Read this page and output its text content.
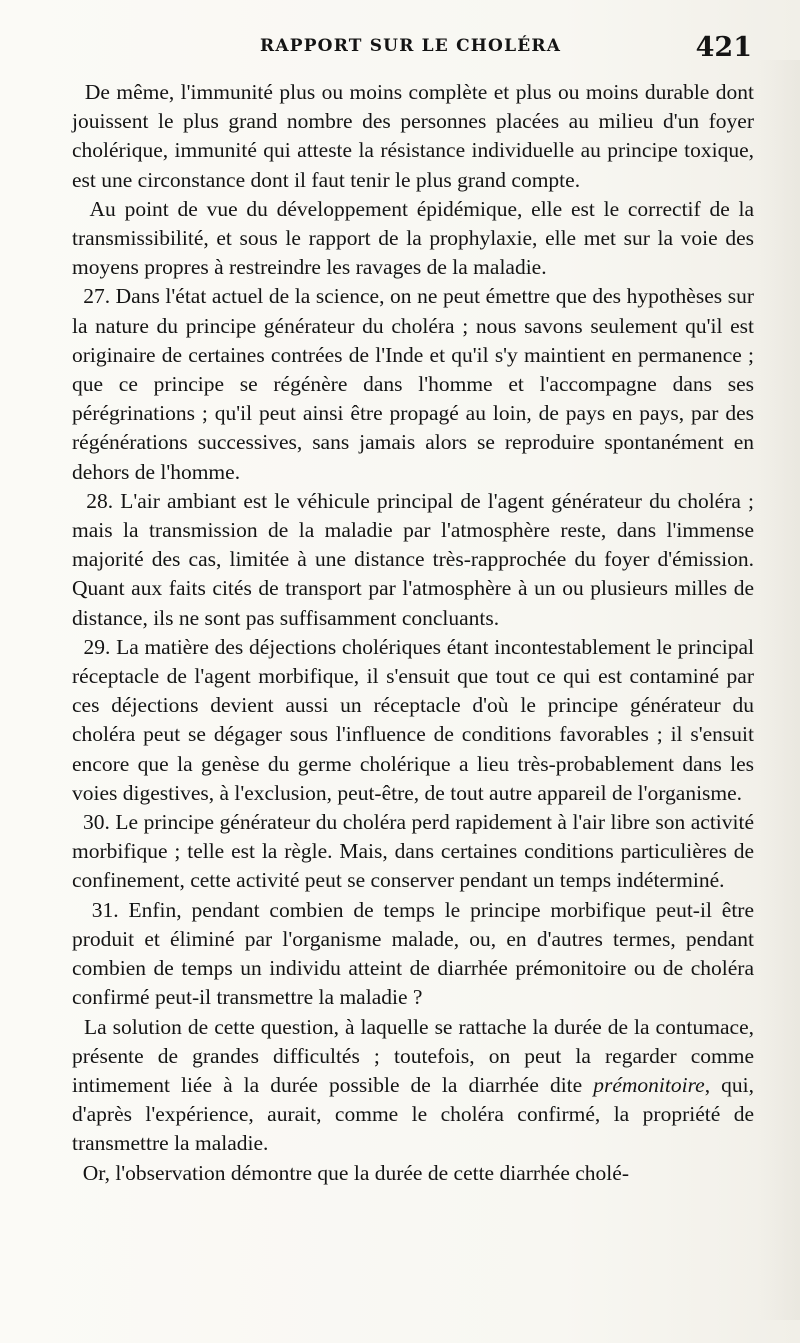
RAPPORT SUR LE CHOLÉRA	421

De même, l'immunité plus ou moins complète et plus ou moins durable dont jouissent le plus grand nombre des personnes placées au milieu d'un foyer cholérique, immunité qui atteste la résistance individuelle au principe toxique, est une circonstance dont il faut tenir le plus grand compte.

Au point de vue du développement épidémique, elle est le correctif de la transmissibilité, et sous le rapport de la prophylaxie, elle met sur la voie des moyens propres à restreindre les ravages de la maladie.

27. Dans l'état actuel de la science, on ne peut émettre que des hypothèses sur la nature du principe générateur du choléra ; nous savons seulement qu'il est originaire de certaines contrées de l'Inde et qu'il s'y maintient en permanence ; que ce principe se régénère dans l'homme et l'accompagne dans ses pérégrinations ; qu'il peut ainsi être propagé au loin, de pays en pays, par des régénérations successives, sans jamais alors se reproduire spontanément en dehors de l'homme.

28. L'air ambiant est le véhicule principal de l'agent générateur du choléra ; mais la transmission de la maladie par l'atmosphère reste, dans l'immense majorité des cas, limitée à une distance très-rapprochée du foyer d'émission. Quant aux faits cités de transport par l'atmosphère à un ou plusieurs milles de distance, ils ne sont pas suffisamment concluants.

29. La matière des déjections cholériques étant incontestablement le principal réceptacle de l'agent morbifique, il s'ensuit que tout ce qui est contaminé par ces déjections devient aussi un réceptacle d'où le principe générateur du choléra peut se dégager sous l'influence de conditions favorables ; il s'ensuit encore que la genèse du germe cholérique a lieu très-probablement dans les voies digestives, à l'exclusion, peut-être, de tout autre appareil de l'organisme.

30. Le principe générateur du choléra perd rapidement à l'air libre son activité morbifique ; telle est la règle. Mais, dans certaines conditions particulières de confinement, cette activité peut se conserver pendant un temps indéterminé.

31. Enfin, pendant combien de temps le principe morbifique peut-il être produit et éliminé par l'organisme malade, ou, en d'autres termes, pendant combien de temps un individu atteint de diarrhée prémonitoire ou de choléra confirmé peut-il transmettre la maladie ?

La solution de cette question, à laquelle se rattache la durée de la contumace, présente de grandes difficultés ; toutefois, on peut la regarder comme intimement liée à la durée possible de la diarrhée dite prémonitoire, qui, d'après l'expérience, aurait, comme le choléra confirmé, la propriété de transmettre la maladie.

Or, l'observation démontre que la durée de cette diarrhée cholé-
